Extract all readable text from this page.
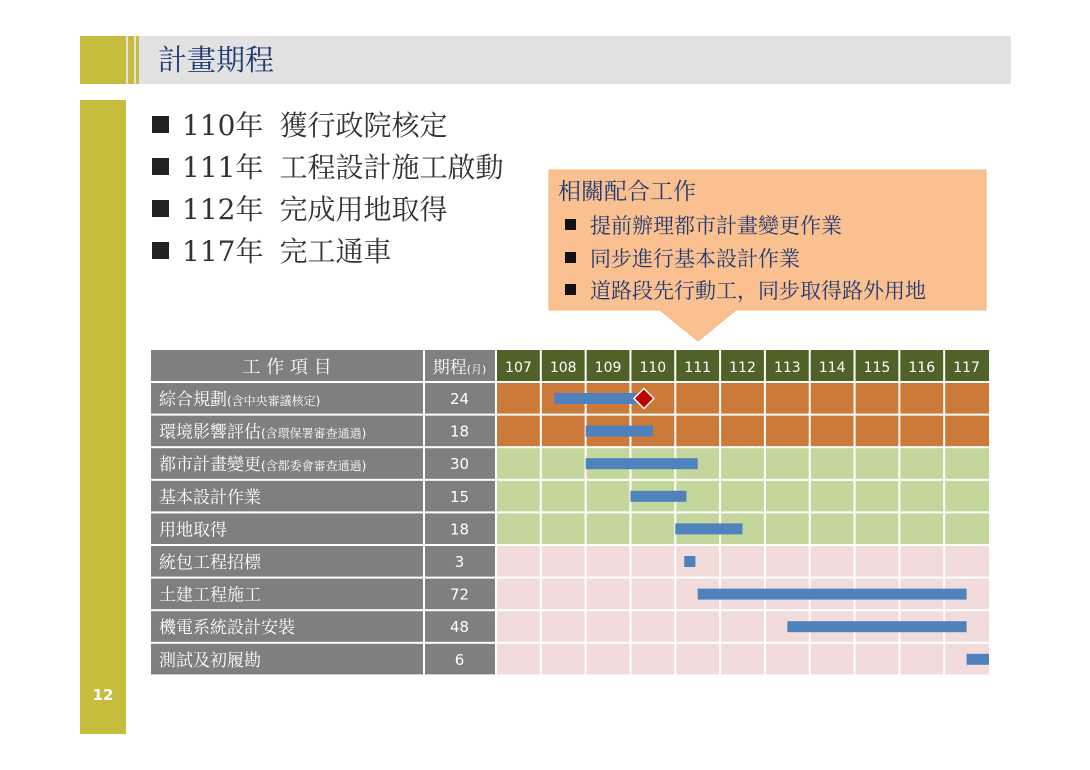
計畫期程
12
110年 獲行政院核定
111年 工程設計施工啟動
112年 完成用地取得
117年 完工通車
工 作 項 目	期程(月) 107 108 109 110 111 112 113 114 115 116 117
綜合規劃(含中央審議核定)	24
環境影響評估(含環保署審查通過)	18
都市計畫變更(含都委會審查通過)	30
基本設計作業	15
用地取得	18
統包工程招標	3
土建工程施工	72
機電系統設計安裝	48
測試及初履勘	6
相關配合工作
提前辦理都市計畫變更作業
同步進行基本設計作業
道路段先行動工，同步取得路外用地
